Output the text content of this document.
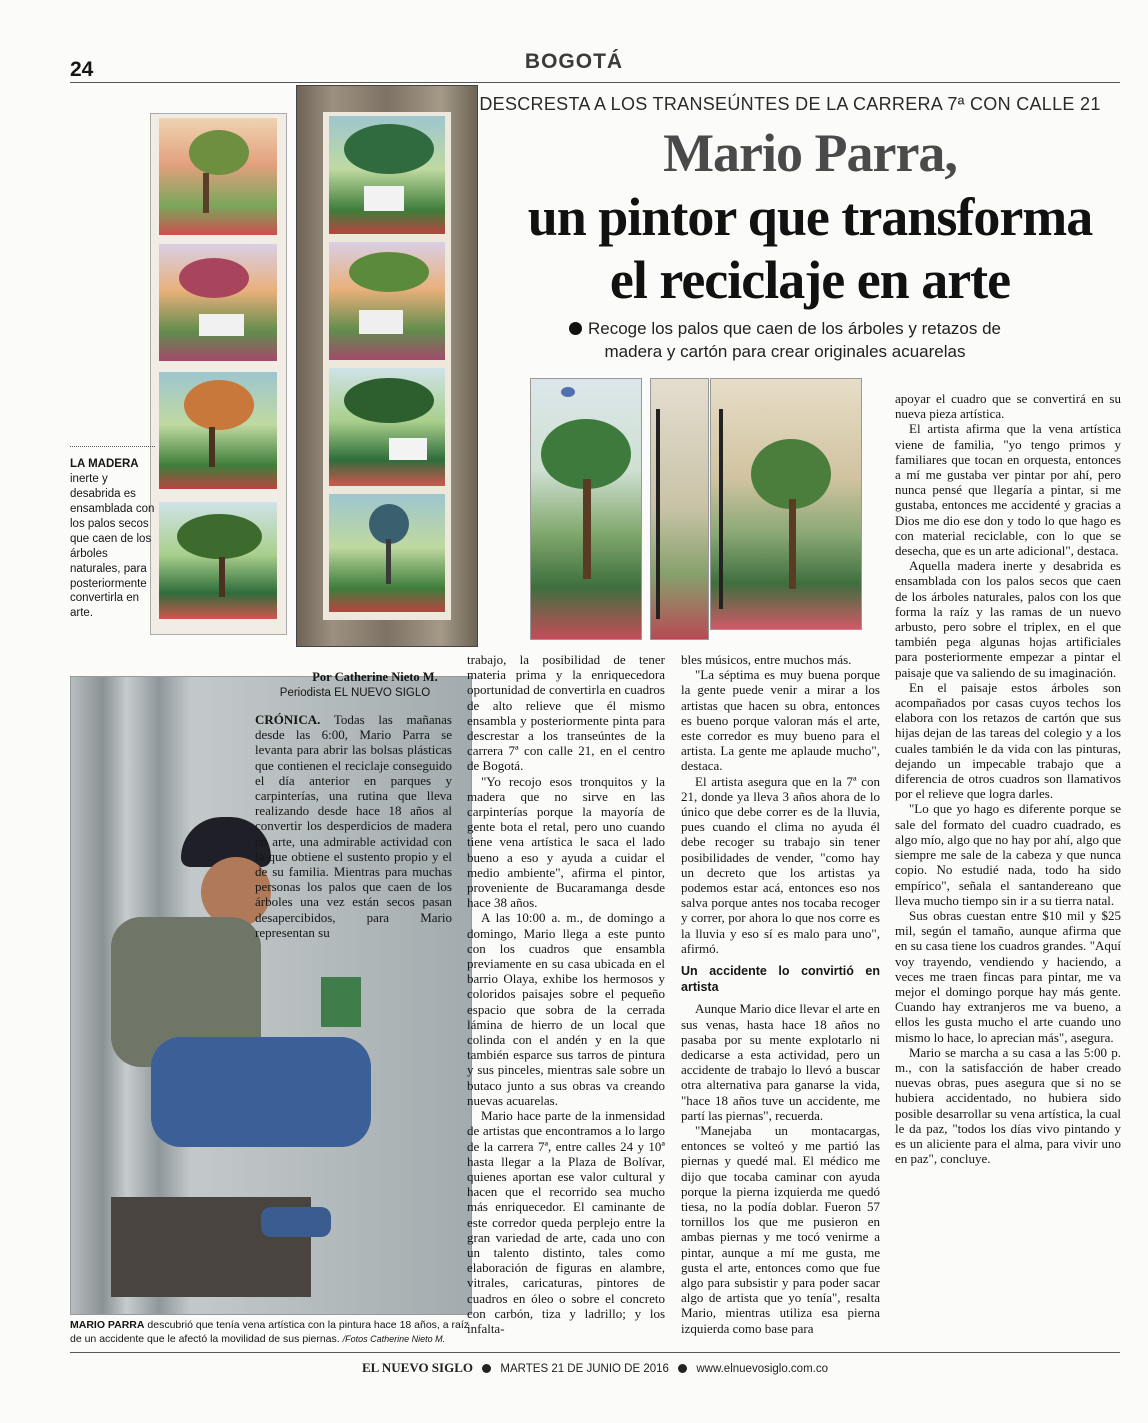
24	BOGOTÁ
DESCRESTA A LOS TRANSEÚNTES DE LA CARRERA 7ª CON CALLE 21
Mario Parra,
un pintor que transforma
el reciclaje en arte
Recoge los palos que caen de los árboles y retazos de madera y cartón para crear originales acuarelas
LA MADERA
inerte y desabrida es ensamblada con los palos secos que caen de los árboles naturales, para posteriormente convertirla en arte.
MARIO PARRA descubrió que tenía vena artística con la pintura hace 18 años, a raíz de un accidente que le afectó la movilidad de sus piernas. /Fotos Catherine Nieto M.
Por Catherine Nieto M.
Periodista EL NUEVO SIGLO

CRÓNICA. Todas las mañanas desde las 6:00, Mario Parra se levanta para abrir las bolsas plásticas que contienen el reciclaje conseguido el día anterior en parques y carpinterías, una rutina que lleva realizando desde hace 18 años al convertir los desperdicios de madera en arte, una admirable actividad con la que obtiene el sustento propio y el de su familia. Mientras para muchas personas los palos que caen de los árboles una vez están secos pasan desapercibidos, para Mario representan su

trabajo, la posibilidad de tener materia prima y la enriquecedora oportunidad de convertirla en cuadros de alto relieve que él mismo ensambla y posteriormente pinta para descrestar a los transeúntes de la carrera 7ª con calle 21, en el centro de Bogotá.

"Yo recojo esos tronquitos y la madera que no sirve en las carpinterías porque la mayoría de gente bota el retal, pero uno cuando tiene vena artística le saca el lado bueno a eso y ayuda a cuidar el medio ambiente", afirma el pintor, proveniente de Bucaramanga desde hace 38 años.

A las 10:00 a. m., de domingo a domingo, Mario llega a este punto con los cuadros que ensambla previamente en su casa ubicada en el barrio Olaya, exhibe los hermosos y coloridos paisajes sobre el pequeño espacio que sobra de la cerrada lámina de hierro de un local que colinda con el andén y en la que también esparce sus tarros de pintura y sus pinceles, mientras sale sobre un butaco junto a sus obras va creando nuevas acuarelas.

Mario hace parte de la inmensidad de artistas que encontramos a lo largo de la carrera 7ª, entre calles 24 y 10ª hasta llegar a la Plaza de Bolívar, quienes aportan ese valor cultural y hacen que el recorrido sea mucho más enriquecedor. El caminante de este corredor queda perplejo entre la gran variedad de arte, cada uno con un talento distinto, tales como elaboración de figuras en alambre, vitrales, caricaturas, pintores de cuadros en óleo o sobre el concreto con carbón, tiza y ladrillo; y los infalta-

bles músicos, entre muchos más.

"La séptima es muy buena porque la gente puede venir a mirar a los artistas que hacen su obra, entonces es bueno porque valoran más el arte, este corredor es muy bueno para el artista. La gente me aplaude mucho", destaca.

El artista asegura que en la 7ª con 21, donde ya lleva 3 años ahora de lo único que debe correr es de la lluvia, pues cuando el clima no ayuda él debe recoger su trabajo sin tener posibilidades de vender, "como hay un decreto que los artistas ya podemos estar acá, entonces eso nos salva porque antes nos tocaba recoger y correr, por ahora lo que nos corre es la lluvia y eso sí es malo para uno", afirmó.

Un accidente lo convirtió en artista

Aunque Mario dice llevar el arte en sus venas, hasta hace 18 años no pasaba por su mente explotarlo ni dedicarse a esta actividad, pero un accidente de trabajo lo llevó a buscar otra alternativa para ganarse la vida, "hace 18 años tuve un accidente, me partí las piernas", recuerda.

"Manejaba un montacargas, entonces se volteó y me partió las piernas y quedé mal. El médico me dijo que tocaba caminar con ayuda porque la pierna izquierda me quedó tiesa, no la podía doblar. Fueron 57 tornillos los que me pusieron en ambas piernas y me tocó venirme a pintar, aunque a mí me gusta, me gusta el arte, entonces como que fue algo para subsistir y para poder sacar algo de artista que yo tenía", resalta Mario, mientras utiliza esa pierna izquierda como base para

apoyar el cuadro que se convertirá en su nueva pieza artística.

El artista afirma que la vena artística viene de familia, "yo tengo primos y familiares que tocan en orquesta, entonces a mí me gustaba ver pintar por ahí, pero nunca pensé que llegaría a pintar, si me gustaba, entonces me accidenté y gracias a Dios me dio ese don y todo lo que hago es con material reciclable, con lo que se desecha, que es un arte adicional", destaca.

Aquella madera inerte y desabrida es ensamblada con los palos secos que caen de los árboles naturales, palos con los que forma la raíz y las ramas de un nuevo arbusto, pero sobre el triplex, en el que también pega algunas hojas artificiales para posteriormente empezar a pintar el paisaje que va saliendo de su imaginación.

En el paisaje estos árboles son acompañados por casas cuyos techos los elabora con los retazos de cartón que sus hijas dejan de las tareas del colegio y a los cuales también le da vida con las pinturas, dejando un impecable trabajo que a diferencia de otros cuadros son llamativos por el relieve que logra darles.

"Lo que yo hago es diferente porque se sale del formato del cuadro cuadrado, es algo mío, algo que no hay por ahí, algo que siempre me sale de la cabeza y que nunca copio. No estudié nada, todo ha sido empírico", señala el santandereano que lleva mucho tiempo sin ir a su tierra natal.

Sus obras cuestan entre $10 mil y $25 mil, según el tamaño, aunque afirma que en su casa tiene los cuadros grandes. "Aquí voy trayendo, vendiendo y haciendo, a veces me traen fincas para pintar, me va mejor el domingo porque hay más gente. Cuando hay extranjeros me va bueno, a ellos les gusta mucho el arte cuando uno mismo lo hace, lo aprecian más", asegura.

Mario se marcha a su casa a las 5:00 p. m., con la satisfacción de haber creado nuevas obras, pues asegura que si no se hubiera accidentado, no hubiera sido posible desarrollar su vena artística, la cual le da paz, "todos los días vivo pintando y es un aliciente para el alma, para vivir uno en paz", concluye.

EL NUEVO SIGLO MARTES 21 DE JUNIO DE 2016 www.elnuevosiglo.com.co
